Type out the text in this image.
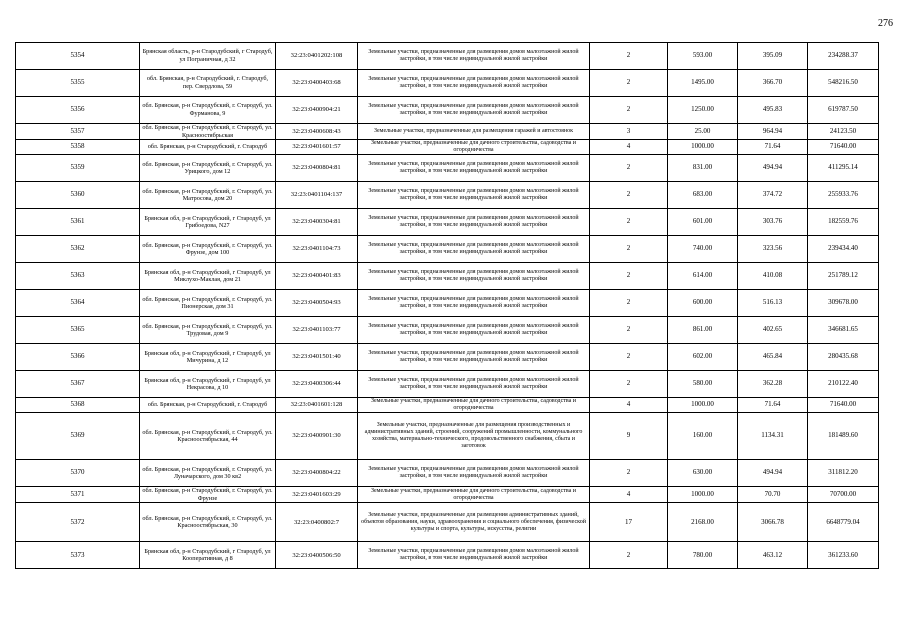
276
5354	Брянская область, р-н Стародубский, г Стародуб, ул Пограничная, д 32	32:23:0401202:108	Земельные участки, предназначенные для размещения домов малоэтажной жилой застройки, в том числе индивидуальной жилой застройки	2	593.00	395.09	234288.37
5355	обл. Брянская, р-н Стародубский, г. Стародуб, пер. Свердлова, 59	32:23:0400403:68	Земельные участки, предназначенные для размещения домов малоэтажной жилой застройки, в том числе индивидуальной жилой застройки	2	1495.00	366.70	548216.50
5356	обл. Брянская, р-н Стародубский, г. Стародуб, ул. Фурманова, 9	32:23:0400904:21	Земельные участки, предназначенные для размещения домов малоэтажной жилой застройки, в том числе индивидуальной жилой застройки	2	1250.00	495.83	619787.50
5357	обл. Брянская, р-н Стародубский, г. Стародуб, ул. Красноостябрьская	32:23:0400608:43	Земельные участки, предназначенные для размещения гаражей и автостоянок	3	25.00	964.94	24123.50
5358	обл. Брянская, р-н Стародубский, г. Стародуб	32:23:0401601:57	Земельные участки, предназначенные для дачного строительства, садоводства и огородничества	4	1000.00	71.64	71640.00
5359	обл. Брянская, р-н Стародубский, г. Стародуб, ул. Урицкого, дом 12	32:23:0400804:81	Земельные участки, предназначенные для размещения домов малоэтажной жилой застройки, в том числе индивидуальной жилой застройки	2	831.00	494.94	411295.14
5360	обл. Брянская, р-н Стародубский, г. Стародуб, ул. Матросова, дом 20	32:23:0401104:137	Земельные участки, предназначенные для размещения домов малоэтажной жилой застройки, в том числе индивидуальной жилой застройки	2	683.00	374.72	255933.76
5361	Брянская обл, р-н Стародубский, г Стародуб, ул Грибоедова, N27	32:23:0400304:81	Земельные участки, предназначенные для размещения домов малоэтажной жилой застройки, в том числе индивидуальной жилой застройки	2	601.00	303.76	182559.76
5362	обл. Брянская, р-н Стародубский, г. Стародуб, ул. Фрунзе, дом 100	32:23:0401104:73	Земельные участки, предназначенные для размещения домов малоэтажной жилой застройки, в том числе индивидуальной жилой застройки	2	740.00	323.56	239434.40
5363	Брянская обл, р-н Стародубский, г Стародуб, ул Миклухо-Маклая, дом 21	32:23:0400401:83	Земельные участки, предназначенные для размещения домов малоэтажной жилой застройки, в том числе индивидуальной жилой застройки	2	614.00	410.08	251789.12
5364	обл. Брянская, р-н Стародубский, г. Стародуб, ул. Пионерская, дом 31	32:23:0400504:93	Земельные участки, предназначенные для размещения домов малоэтажной жилой застройки, в том числе индивидуальной жилой застройки	2	600.00	516.13	309678.00
5365	обл. Брянская, р-н Стародубский, г. Стародуб, ул. Трудовая, дом 9	32:23:0401103:77	Земельные участки, предназначенные для размещения домов малоэтажной жилой застройки, в том числе индивидуальной жилой застройки	2	861.00	402.65	346681.65
5366	Брянская обл, р-н Стародубский, г Стародуб, ул Мичурина, д 12	32:23:0401501:40	Земельные участки, предназначенные для размещения домов малоэтажной жилой застройки, в том числе индивидуальной жилой застройки	2	602.00	465.84	280435.68
5367	Брянская обл, р-н Стародубский, г Стародуб, ул Некрасова, д 10	32:23:0400306:44	Земельные участки, предназначенные для размещения домов малоэтажной жилой застройки, в том числе индивидуальной жилой застройки	2	580.00	362.28	210122.40
5368	обл. Брянская, р-н Стародубский, г. Стародуб	32:23:0401601:128	Земельные участки, предназначенные для дачного строительства, садоводства и огородничества	4	1000.00	71.64	71640.00
5369	обл. Брянская, р-н Стародубский, г. Стародуб, ул. Красноостябрьская, 44	32:23:0400901:30	Земельные участки, предназначенные для размещения производственных и административных зданий, строений, сооружений промышленности, коммунального хозяйства, материально-технического, продовольственного снабжения, сбыта и заготовок	9	160.00	1134.31	181489.60
5370	обл. Брянская, р-н Стародубский, г. Стародуб, ул. Луначарского, дом 30 кв2	32:23:0400804:22	Земельные участки, предназначенные для размещения домов малоэтажной жилой застройки, в том числе индивидуальной жилой застройки	2	630.00	494.94	311812.20
5371	обл. Брянская, р-н Стародубский, г. Стародуб, ул. Фрунзе	32:23:0401603:29	Земельные участки, предназначенные для дачного строительства, садоводства и огородничества	4	1000.00	70.70	70700.00
5372	обл. Брянская, р-н Стародубский, г. Стародуб, ул. Красноостябрьская, 30	32:23:0400802:7	Земельные участки, предназначенные для размещения административных зданий, объектов образования, науки, здравоохранения и социального обеспечения, физической культуры и спорта, культуры, искусства, религии	17	2168.00	3066.78	6648779.04
5373	Брянская обл, р-н Стародубский, г Стародуб, ул Кооперативная, д 8	32:23:0400506:50	Земельные участки, предназначенные для размещения домов малоэтажной жилой застройки, в том числе индивидуальной жилой застройки	2	780.00	463.12	361233.60
